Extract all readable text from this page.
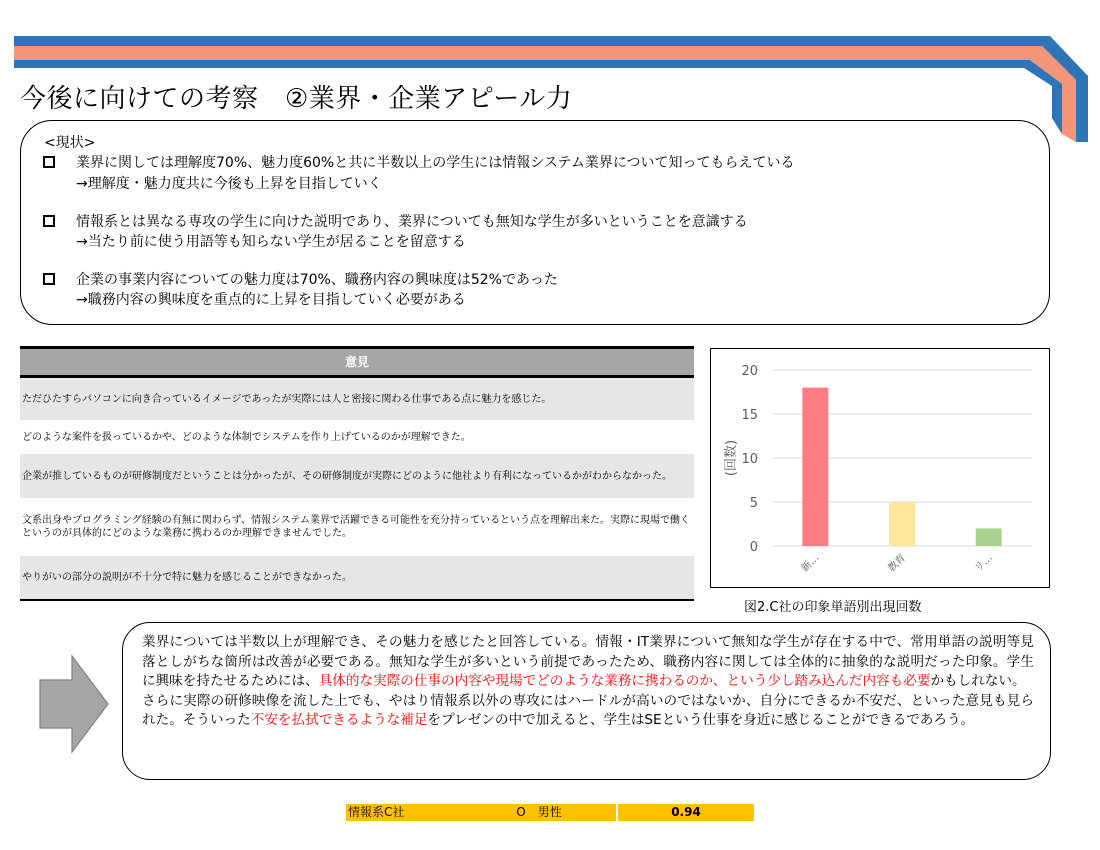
今後に向けての考察　②業界・企業アピール力
<現状>
業界に関しては理解度70%、魅力度60%と共に半数以上の学生には情報システム業界について知ってもらえている
→理解度・魅力度共に今後も上昇を目指していく
情報系とは異なる専攻の学生に向けた説明であり、業界についても無知な学生が多いということを意識する
→当たり前に使う用語等も知らない学生が居ることを留意する
企業の事業内容についての魅力度は70%、職務内容の興味度は52%であった
→職務内容の興味度を重点的に上昇を目指していく必要がある
意見
ただひたすらパソコンに向き合っているイメージであったが実際には人と密接に関わる仕事である点に魅力を感じた。
どのような案件を扱っているかや、どのような体制でシステムを作り上げているのかが理解できた。
企業が推しているものが研修制度だということは分かったが、その研修制度が実際にどのように他社より有利になっているかがわからなかった。
文系出身やプログラミング経験の有無に関わらず、情報システム業界で活躍できる可能性を充分持っているという点を理解出来た。実際に現場で働くというのが具体的にどのような業務に携わるのか理解できませんでした。
やりがいの部分の説明が不十分で特に魅力を感じることができなかった。
0
5
10
15
20
(回数)
新…	教育	リ…
図2.C社の印象単語別出現回数
業界については半数以上が理解でき、その魅力を感じたと回答している。情報・IT業界について無知な学生が存在する中で、常用単語の説明等見落としがちな箇所は改善が必要である。無知な学生が多いという前提であったため、職務内容に関しては全体的に抽象的な説明だった印象。学生に興味を持たせるためには、具体的な実際の仕事の内容や現場でどのような業務に携わるのか、という少し踏み込んだ内容も必要かもしれない。
さらに実際の研修映像を流した上でも、やはり情報系以外の専攻にはハードルが高いのではないか、自分にできるか不安だ、といった意見も見られた。そういった不安を払拭できるような補足をプレゼンの中で加えると、学生はSEという仕事を身近に感じることができるであろう。
情報系C社	O　男性	0.94
